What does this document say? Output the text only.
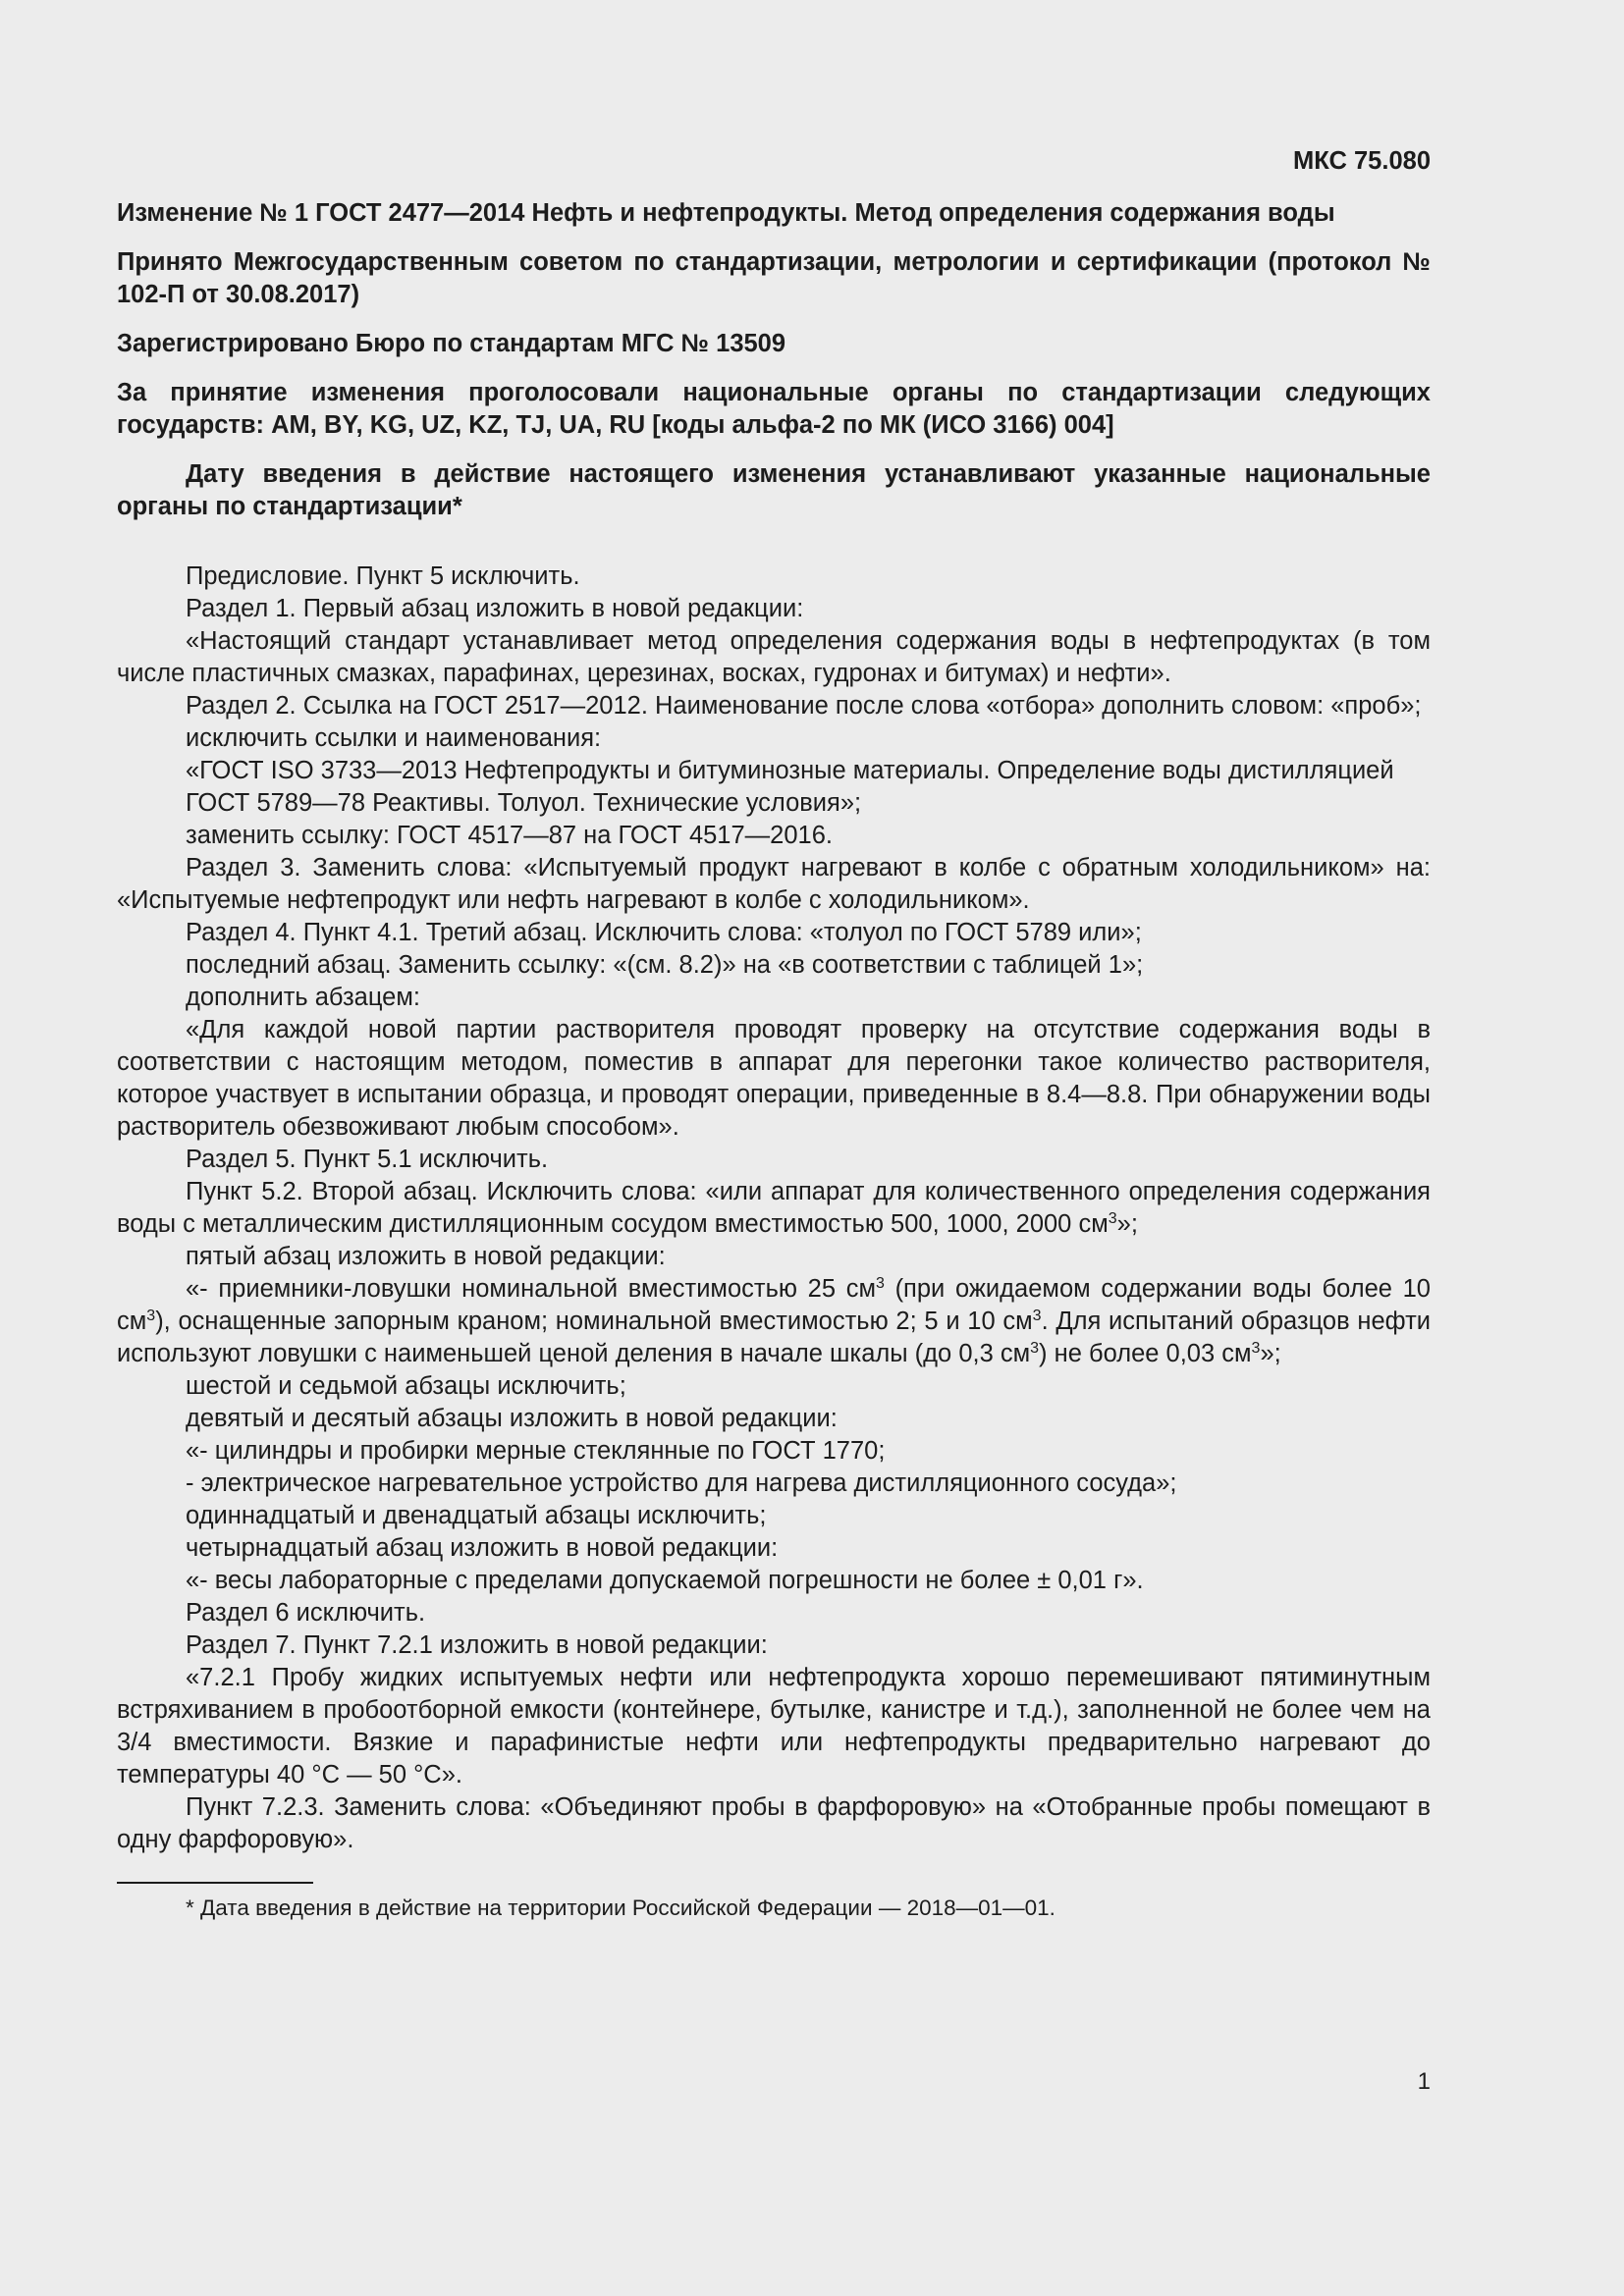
МКС 75.080

Изменение № 1 ГОСТ 2477—2014 Нефть и нефтепродукты. Метод определения содержания воды

Принято Межгосударственным советом по стандартизации, метрологии и сертификации (протокол № 102-П от 30.08.2017)

Зарегистрировано Бюро по стандартам МГС № 13509

За принятие изменения проголосовали национальные органы по стандартизации следующих государств: AM, BY, KG, UZ, KZ, TJ, UA, RU [коды альфа-2 по МК (ИСО 3166) 004]

Дату введения в действие настоящего изменения устанавливают указанные национальные органы по стандартизации*

Предисловие. Пункт 5 исключить.

Раздел 1. Первый абзац изложить в новой редакции:

«Настоящий стандарт устанавливает метод определения содержания воды в нефтепродуктах (в том числе пластичных смазках, парафинах, церезинах, восках, гудронах и битумах) и нефти».

Раздел 2. Ссылка на ГОСТ 2517—2012. Наименование после слова «отбора» дополнить словом: «проб»;

исключить ссылки и наименования:

«ГОСТ ISO 3733—2013 Нефтепродукты и битуминозные материалы. Определение воды дистилляцией

ГОСТ 5789—78 Реактивы. Толуол. Технические условия»;

заменить ссылку: ГОСТ 4517—87 на ГОСТ 4517—2016.

Раздел 3. Заменить слова: «Испытуемый продукт нагревают в колбе с обратным холодильником» на: «Испытуемые нефтепродукт или нефть нагревают в колбе с холодильником».

Раздел 4. Пункт 4.1. Третий абзац. Исключить слова: «толуол по ГОСТ 5789 или»;

последний абзац. Заменить ссылку: «(см. 8.2)» на «в соответствии с таблицей 1»;

дополнить абзацем:

«Для каждой новой партии растворителя проводят проверку на отсутствие содержания воды в соответствии с настоящим методом, поместив в аппарат для перегонки такое количество растворителя, которое участвует в испытании образца, и проводят операции, приведенные в 8.4—8.8. При обнаружении воды растворитель обезвоживают любым способом».

Раздел 5. Пункт 5.1 исключить.

Пункт 5.2. Второй абзац. Исключить слова: «или аппарат для количественного определения содержания воды с металлическим дистилляционным сосудом вместимостью 500, 1000, 2000 $см^3$»;

пятый абзац изложить в новой редакции:

«- приемники-ловушки номинальной вместимостью 25 $см^3$ (при ожидаемом содержании воды более 10 $см^3$), оснащенные запорным краном; номинальной вместимостью 2; 5 и 10 $см^3$. Для испытаний образцов нефти используют ловушки с наименьшей ценой деления в начале шкалы (до 0,3 $см^3$) не более 0,03 $см^3$»;

шестой и седьмой абзацы исключить;

девятый и десятый абзацы изложить в новой редакции:

«- цилиндры и пробирки мерные стеклянные по ГОСТ 1770;

- электрическое нагревательное устройство для нагрева дистилляционного сосуда»;

одиннадцатый и двенадцатый абзацы исключить;

четырнадцатый абзац изложить в новой редакции:

«- весы лабораторные с пределами допускаемой погрешности не более ± 0,01 г».

Раздел 6 исключить.

Раздел 7. Пункт 7.2.1 изложить в новой редакции:

«7.2.1 Пробу жидких испытуемых нефти или нефтепродукта хорошо перемешивают пятиминутным встряхиванием в пробоотборной емкости (контейнере, бутылке, канистре и т.д.), заполненной не более чем на 3/4 вместимости. Вязкие и парафинистые нефти или нефтепродукты предварительно нагревают до температуры 40 °С — 50 °С».

Пункт 7.2.3. Заменить слова: «Объединяют пробы в фарфоровую» на «Отобранные пробы помещают в одну фарфоровую».

* Дата введения в действие на территории Российской Федерации — 2018—01—01.

1
